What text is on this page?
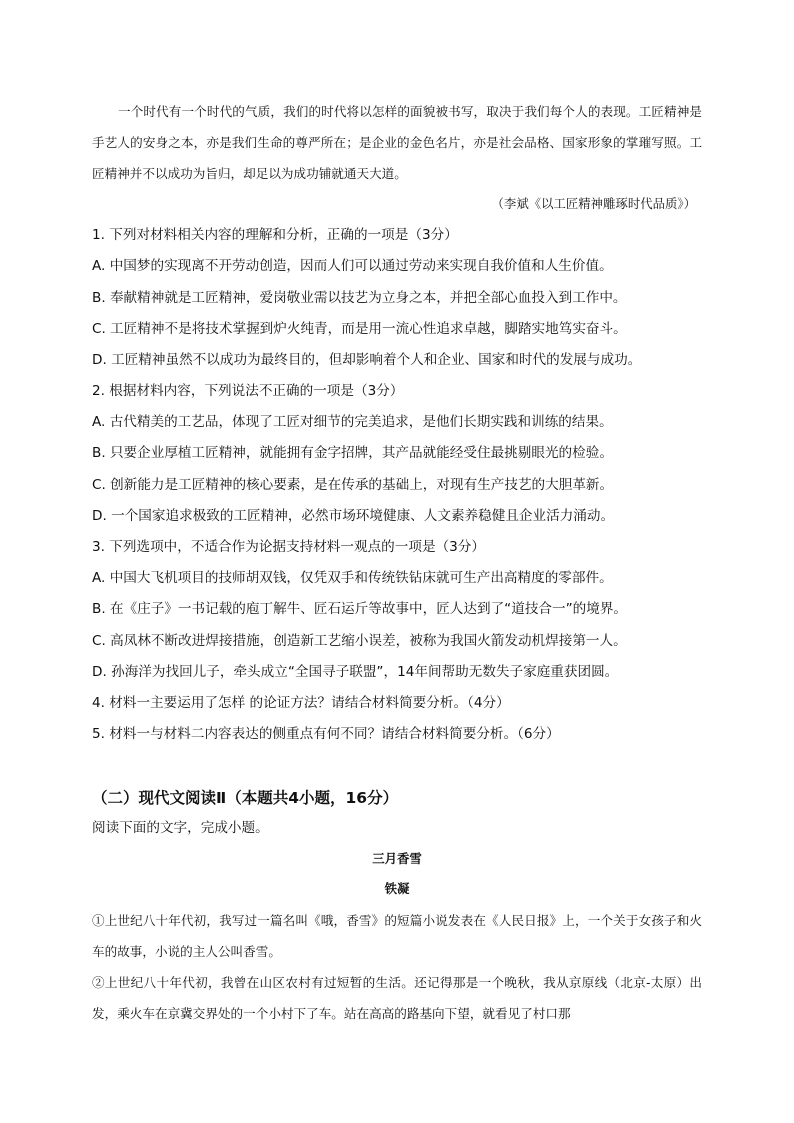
一个时代有一个时代的气质，我们的时代将以怎样的面貌被书写，取决于我们每个人的表现。工匠精神是手艺人的安身之本，亦是我们生命的尊严所在；是企业的金色名片，亦是社会品格、国家形象的掌璀写照。工匠精神并不以成功为旨归，却足以为成功铺就通天大道。

（李斌《以工匠精神雕琢时代品质》）
1. 下列对材料相关内容的理解和分析，正确的一项是（3分）
A. 中国梦的实现离不开劳动创造，因而人们可以通过劳动来实现自我价值和人生价值。
B. 奉献精神就是工匠精神，爱岗敬业需以技艺为立身之本，并把全部心血投入到工作中。
C. 工匠精神不是将技术掌握到炉火纯青，而是用一流心性追求卓越，脚踏实地笃实奋斗。
D. 工匠精神虽然不以成功为最终目的，但却影响着个人和企业、国家和时代的发展与成功。
2. 根据材料内容，下列说法不正确的一项是（3分）
A. 古代精美的工艺品，体现了工匠对细节的完美追求，是他们长期实践和训练的结果。
B. 只要企业厚植工匠精神，就能拥有金字招牌，其产品就能经受住最挑剔眼光的检验。
C. 创新能力是工匠精神的核心要素，是在传承的基础上，对现有生产技艺的大胆革新。
D. 一个国家追求极致的工匠精神，必然市场环境健康、人文素养稳健且企业活力涌动。
3. 下列选项中，不适合作为论据支持材料一观点的一项是（3分）
A. 中国大飞机项目的技师胡双钱，仅凭双手和传统铁钻床就可生产出高精度的零部件。
B. 在《庄子》一书记载的庖丁解牛、匠石运斤等故事中，匠人达到了“道技合一”的境界。
C. 高凤林不断改进焊接措施，创造新工艺缩小误差，被称为我国火箭发动机焊接第一人。
D. 孙海洋为找回儿子，牵头成立“全国寻子联盟”，14年间帮助无数失子家庭重获团圆。
4. 材料一主要运用了怎样 的论证方法？请结合材料简要分析。（4分）
5. 材料一与材料二内容表达的侧重点有何不同？请结合材料简要分析。（6分）
（二）现代文阅读Ⅱ（本题共4小题，16分）
阅读下面的文字，完成小题。
三月香雪
铁凝

①上世纪八十年代初，我写过一篇名叫《哦，香雪》的短篇小说发表在《人民日报》上，一个关于女孩子和火车的故事，小说的主人公叫香雪。

②上世纪八十年代初，我曾在山区农村有过短暂的生活。还记得那是一个晚秋，我从京原线（北京-太原）出发，乘火车在京冀交界处的一个小村下了车。站在高高的路基向下望，就看见了村口那
